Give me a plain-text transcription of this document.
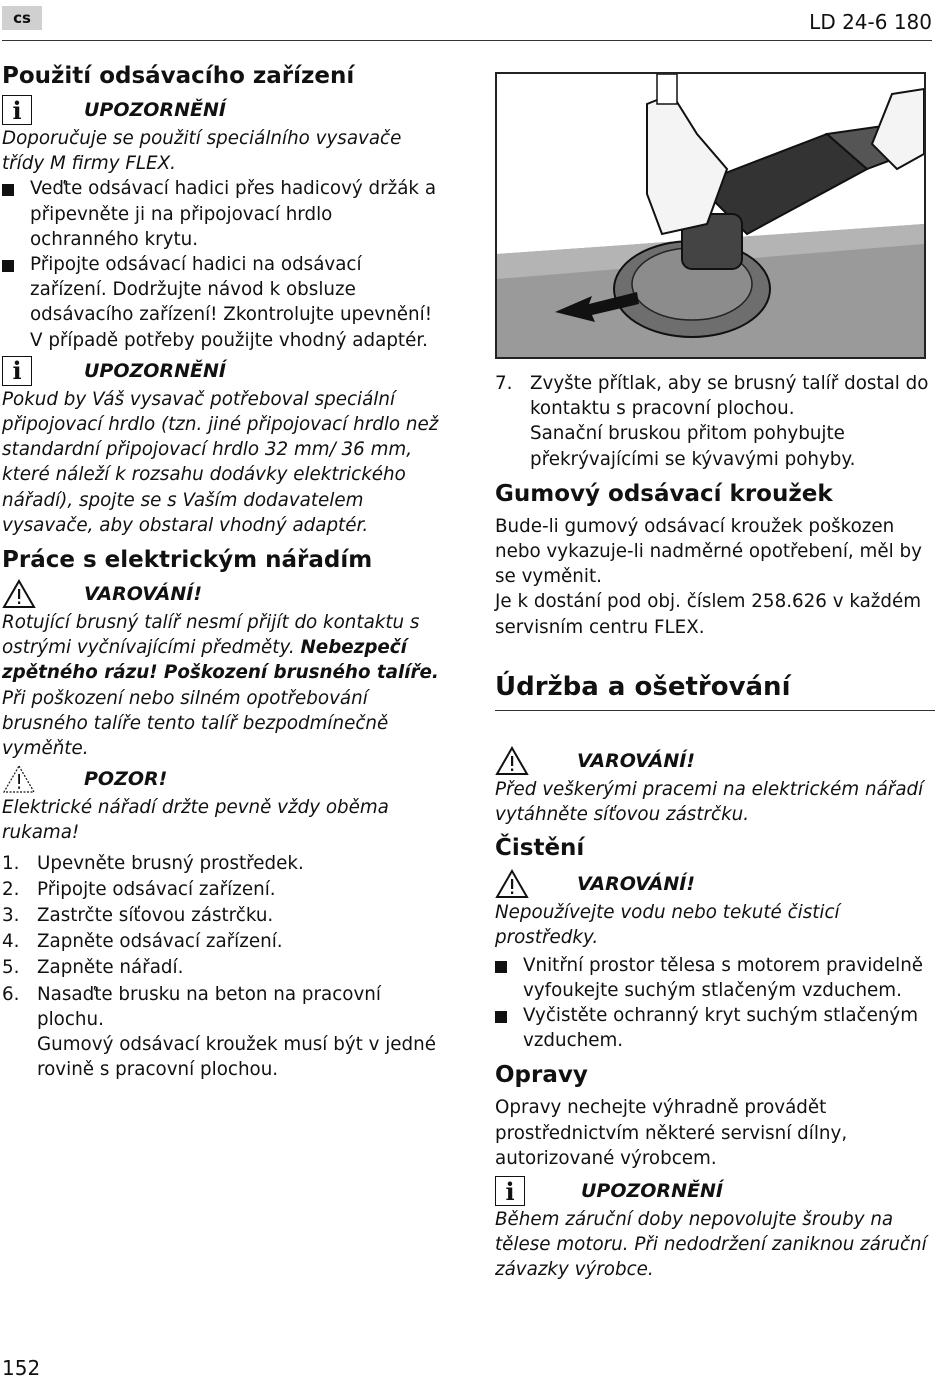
cs	LD 24-6 180
Použití odsávacího zařízení
i	UPOZORNĚNÍ

Doporučuje se použití speciálního vysavače třídy M firmy FLEX.

Veďte odsávací hadici přes hadicový držák a připevněte ji na připojovací hrdlo ochranného krytu.
Připojte odsávací hadici na odsávací zařízení. Dodržujte návod k obsluze odsávacího zařízení! Zkontrolujte upevnění! V případě potřeby použijte vhodný adaptér.
i	UPOZORNĚNÍ

Pokud by Váš vysavač potřeboval speciální připojovací hrdlo (tzn. jiné připojovací hrdlo než standardní připojovací hrdlo 32 mm/ 36 mm, které náleží k rozsahu dodávky elektrického nářadí), spojte se s Vaším dodavatelem vysavače, aby obstaral vhodný adaptér.

Práce s elektrickým nářadím
VAROVÁNÍ!

Rotující brusný talíř nesmí přijít do kontaktu s ostrými vyčnívajícími předměty. Nebezpečí zpětného rázu! Poškození brusného talíře. Při poškození nebo silném opotřebování brusného talíře tento talíř bezpodmínečně vyměňte.

POZOR!

Elektrické nářadí držte pevně vždy oběma rukama!

1. Upevněte brusný prostředek.
2. Připojte odsávací zařízení.
3. Zastrčte síťovou zástrčku.
4. Zapněte odsávací zařízení.
5. Zapněte nářadí.
6. Nasaďte brusku na beton na pracovní plochu.
Gumový odsávací kroužek musí být v jedné rovině s pracovní plochou.
7. Zvyšte přítlak, aby se brusný talíř dostal do kontaktu s pracovní plochou.
Sanační bruskou přitom pohybujte překrývajícími se kývavými pohyby.
Gumový odsávací kroužek

Bude-li gumový odsávací kroužek poškozen nebo vykazuje-li nadměrné opotřebení, měl by se vyměnit.

Je k dostání pod obj. číslem 258.626 v každém servisním centru FLEX.

Údržba a ošetřování
VAROVÁNÍ!

Před veškerými pracemi na elektrickém nářadí vytáhněte síťovou zástrčku.

Čistění
VAROVÁNÍ!

Nepoužívejte vodu nebo tekuté čisticí prostředky.

Vnitřní prostor tělesa s motorem pravidelně vyfoukejte suchým stlačeným vzduchem.
Vyčistěte ochranný kryt suchým stlačeným vzduchem.
Opravy

Opravy nechejte výhradně provádět prostřednictvím některé servisní dílny, autorizované výrobcem.

i	UPOZORNĚNÍ

Během záruční doby nepovolujte šrouby na tělese motoru. Při nedodržení zaniknou záruční závazky výrobce.

152
